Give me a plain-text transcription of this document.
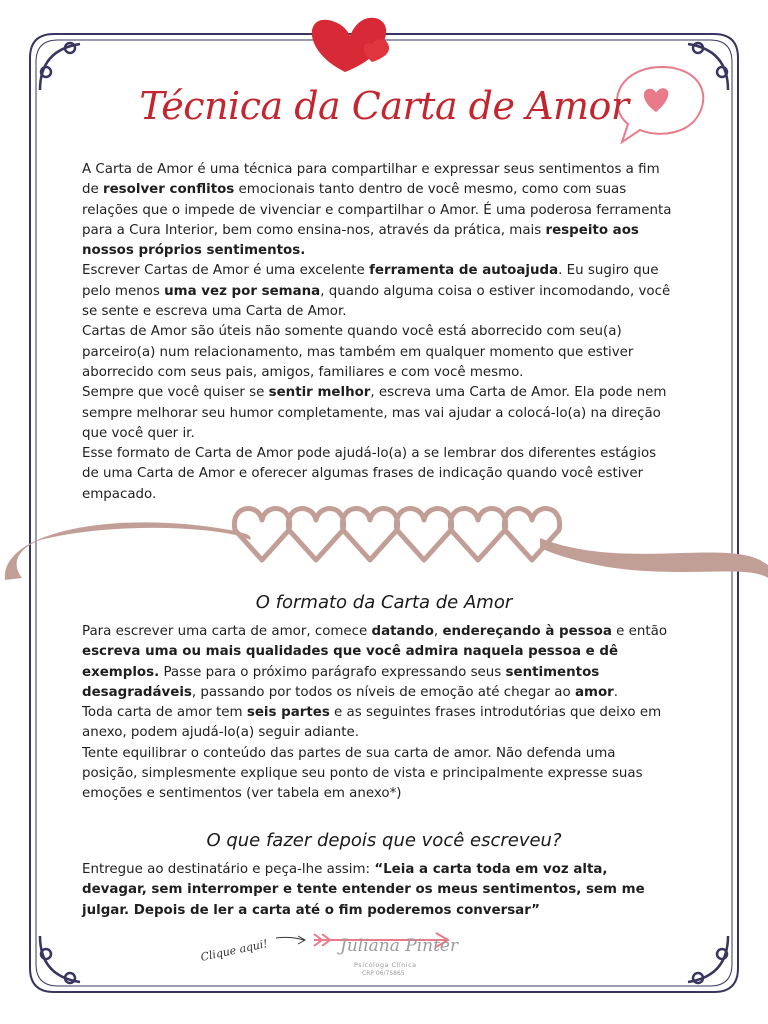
Técnica da Carta de Amor

A Carta de Amor é uma técnica para compartilhar e expressar seus sentimentos a fim de resolver conflitos emocionais tanto dentro de você mesmo, como com suas relações que o impede de vivenciar e compartilhar o Amor. É uma poderosa ferramenta para a Cura Interior, bem como ensina-nos, através da prática, mais respeito aos nossos próprios sentimentos.

Escrever Cartas de Amor é uma excelente ferramenta de autoajuda. Eu sugiro que pelo menos uma vez por semana, quando alguma coisa o estiver incomodando, você se sente e escreva uma Carta de Amor.

Cartas de Amor são úteis não somente quando você está aborrecido com seu(a) parceiro(a) num relacionamento, mas também em qualquer momento que estiver aborrecido com seus pais, amigos, familiares e com você mesmo.

Sempre que você quiser se sentir melhor, escreva uma Carta de Amor. Ela pode nem sempre melhorar seu humor completamente, mas vai ajudar a colocá-lo(a) na direção que você quer ir.

Esse formato de Carta de Amor pode ajudá-lo(a) a se lembrar dos diferentes estágios de uma Carta de Amor e oferecer algumas frases de indicação quando você estiver empacado.

O formato da Carta de Amor

Para escrever uma carta de amor, comece datando, endereçando à pessoa e então escreva uma ou mais qualidades que você admira naquela pessoa e dê exemplos. Passe para o próximo parágrafo expressando seus sentimentos desagradáveis, passando por todos os níveis de emoção até chegar ao amor.

Toda carta de amor tem seis partes e as seguintes frases introdutórias que deixo em anexo, podem ajudá-lo(a) seguir adiante.

Tente equilibrar o conteúdo das partes de sua carta de amor. Não defenda uma posição, simplesmente explique seu ponto de vista e principalmente expresse suas emoções e sentimentos (ver tabela em anexo*)

O que fazer depois que você escreveu?

Entregue ao destinatário e peça-lhe assim: “Leia a carta toda em voz alta, devagar, sem interromper e tente entender os meus sentimentos, sem me julgar. Depois de ler a carta até o fim poderemos conversar”

Clique aqui!	Juliana Pinter
Psicóloga Clínica
CRP 06/75865
